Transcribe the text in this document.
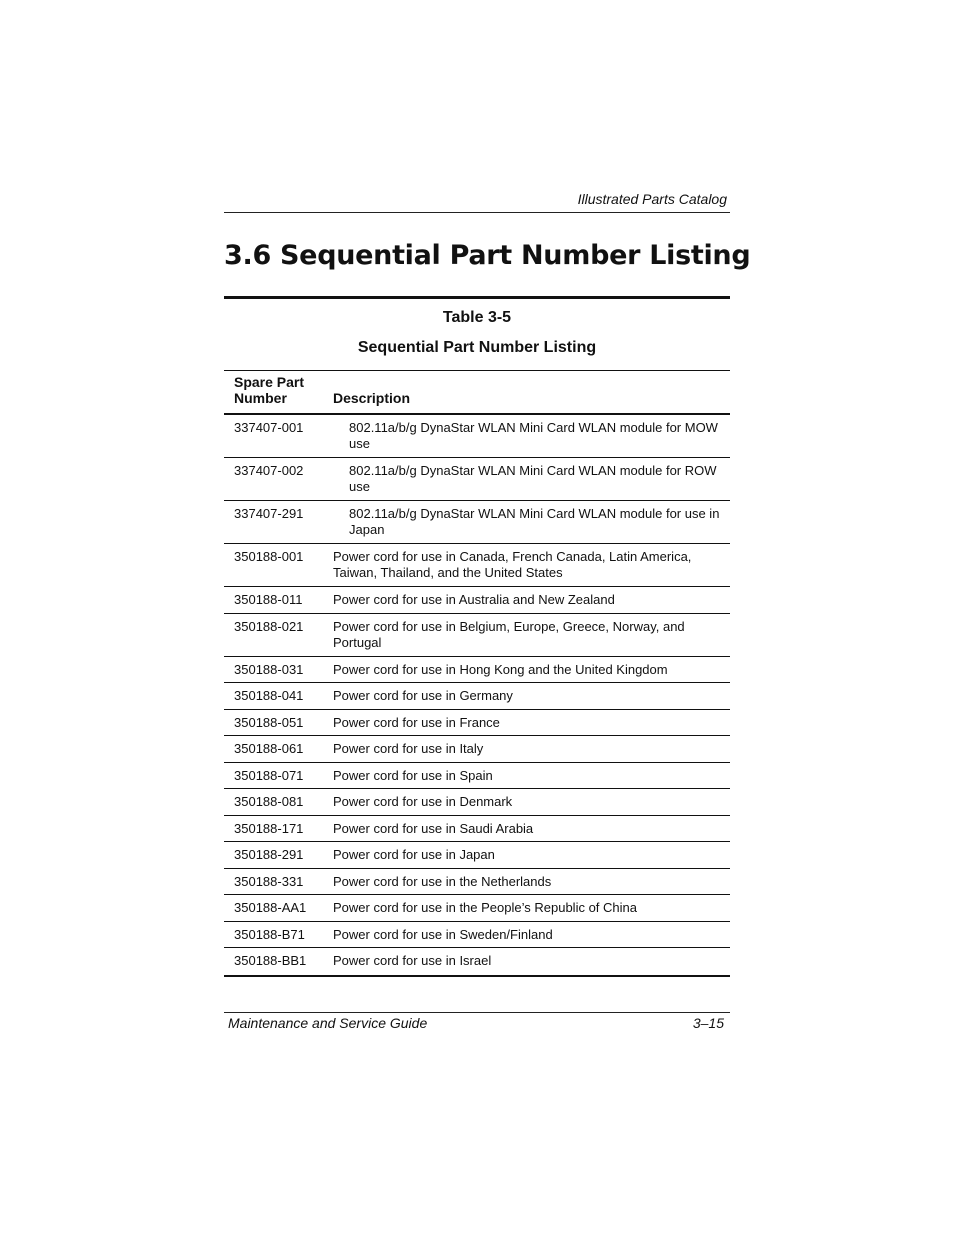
Illustrated Parts Catalog
3.6 Sequential Part Number Listing
Table 3-5
Sequential Part Number Listing
Spare Part Number	Description
337407-001	802.11a/b/g DynaStar WLAN Mini Card WLAN module for MOW use
337407-002	802.11a/b/g DynaStar WLAN Mini Card WLAN module for ROW use
337407-291	802.11a/b/g DynaStar WLAN Mini Card WLAN module for use in Japan
350188-001	Power cord for use in Canada, French Canada, Latin America, Taiwan, Thailand, and the United States
350188-011	Power cord for use in Australia and New Zealand
350188-021	Power cord for use in Belgium, Europe, Greece, Norway, and Portugal
350188-031	Power cord for use in Hong Kong and the United Kingdom
350188-041	Power cord for use in Germany
350188-051	Power cord for use in France
350188-061	Power cord for use in Italy
350188-071	Power cord for use in Spain
350188-081	Power cord for use in Denmark
350188-171	Power cord for use in Saudi Arabia
350188-291	Power cord for use in Japan
350188-331	Power cord for use in the Netherlands
350188-AA1	Power cord for use in the People’s Republic of China
350188-B71	Power cord for use in Sweden/Finland
350188-BB1	Power cord for use in Israel
Maintenance and Service Guide	3–15
